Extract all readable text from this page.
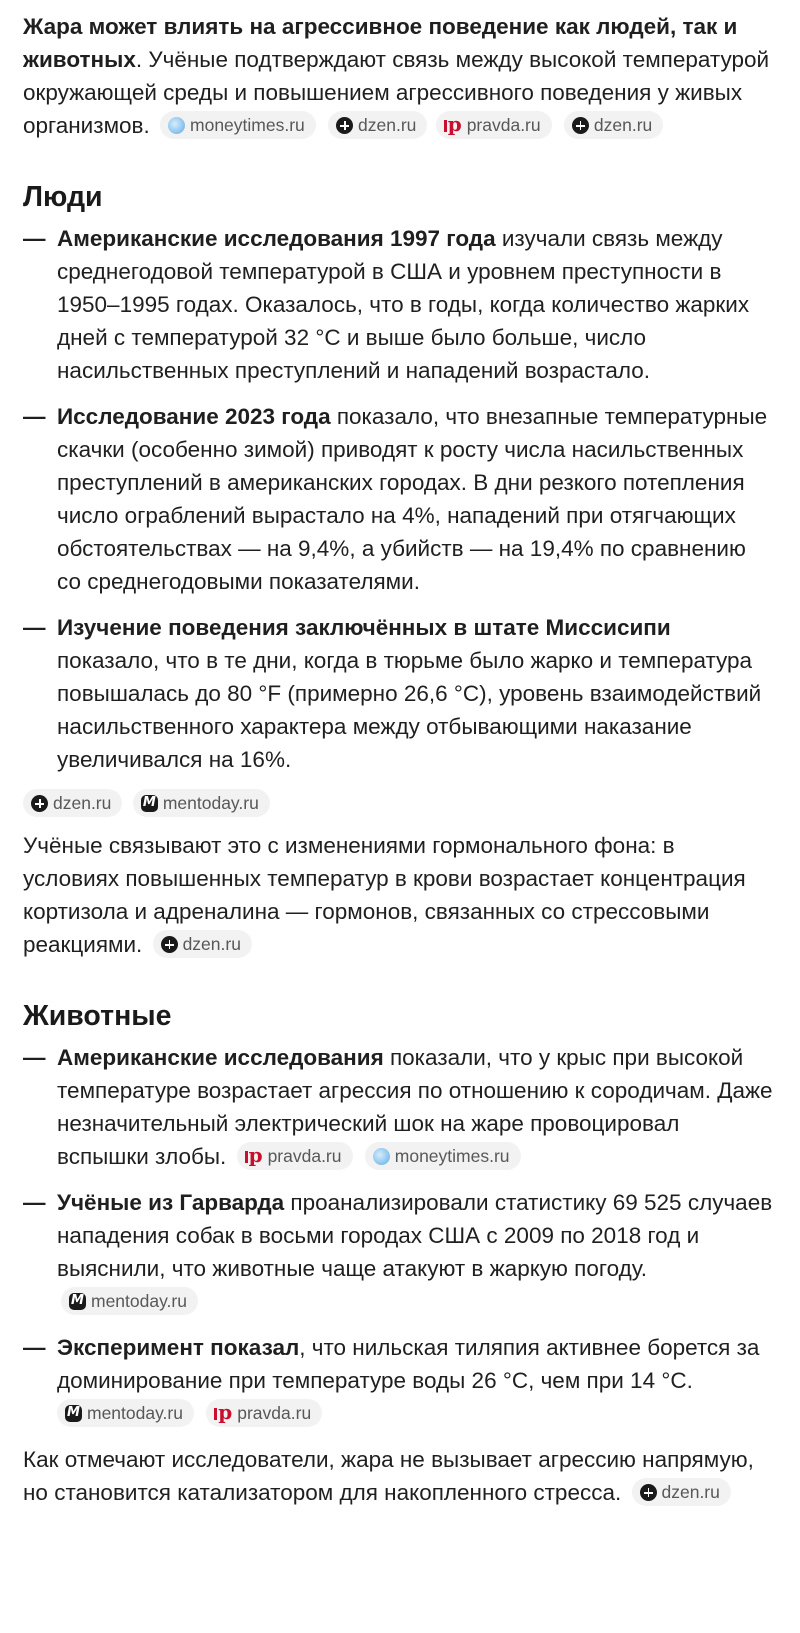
Жара может влиять на агрессивное поведение как людей, так и животных. Учёные подтверждают связь между высокой температурой окружающей среды и повышением агрессивного поведения у живых организмов. moneytimes.ru	dzen.ru р	pravda.ru	dzen.ru

Люди
— Американские исследования 1997 года изучали связь между среднегодовой температурой в США и уровнем преступности в 1950–1995 годах. Оказалось, что в годы, когда количество жарких дней с температурой 32 °C и выше было больше, число насильственных преступлений и нападений возрастало.
— Исследование 2023 года показало, что внезапные температурные скачки (особенно зимой) приводят к росту числа насильственных преступлений в американских городах. В дни резкого потепления число ограблений вырастало на 4%, нападений при отягчающих обстоятельствах — на 9,4%, а убийств — на 19,4% по сравнению со среднегодовыми показателями.
— Изучение поведения заключённых в штате Миссисипи показало, что в те дни, когда в тюрьме было жарко и температура повышалась до 80 °F (примерно 26,6 °C), уровень взаимодействий насильственного характера между отбывающими наказание увеличивался на 16%.
dzen.ru M	mentoday.ru

Учёные связывают это с изменениями гормонального фона: в условиях повышенных температур в крови возрастает концентрация кортизола и адреналина — гормонов, связанных со стрессовыми реакциями. dzen.ru

Животные
— Американские исследования показали, что у крыс при высокой температуре возрастает агрессия по отношению к сородичам. Даже незначительный электрический шок на жаре провоцировал вспышки злобы. р pravda.ru	moneytimes.ru
— Учёные из Гарварда проанализировали статистику 69 525 случаев нападения собак в восьми городах США с 2009 по 2018 год и выяснили, что животные чаще атакуют в жаркую погоду. Mmentoday.ru
— Эксперимент показал, что нильская тиляпия активнее борется за доминирование при температуре воды 26 °C, чем при 14 °C. Mmentoday.ru р	pravda.ru

Как отмечают исследователи, жара не вызывает агрессию напрямую, но становится катализатором для накопленного стресса. dzen.ru
